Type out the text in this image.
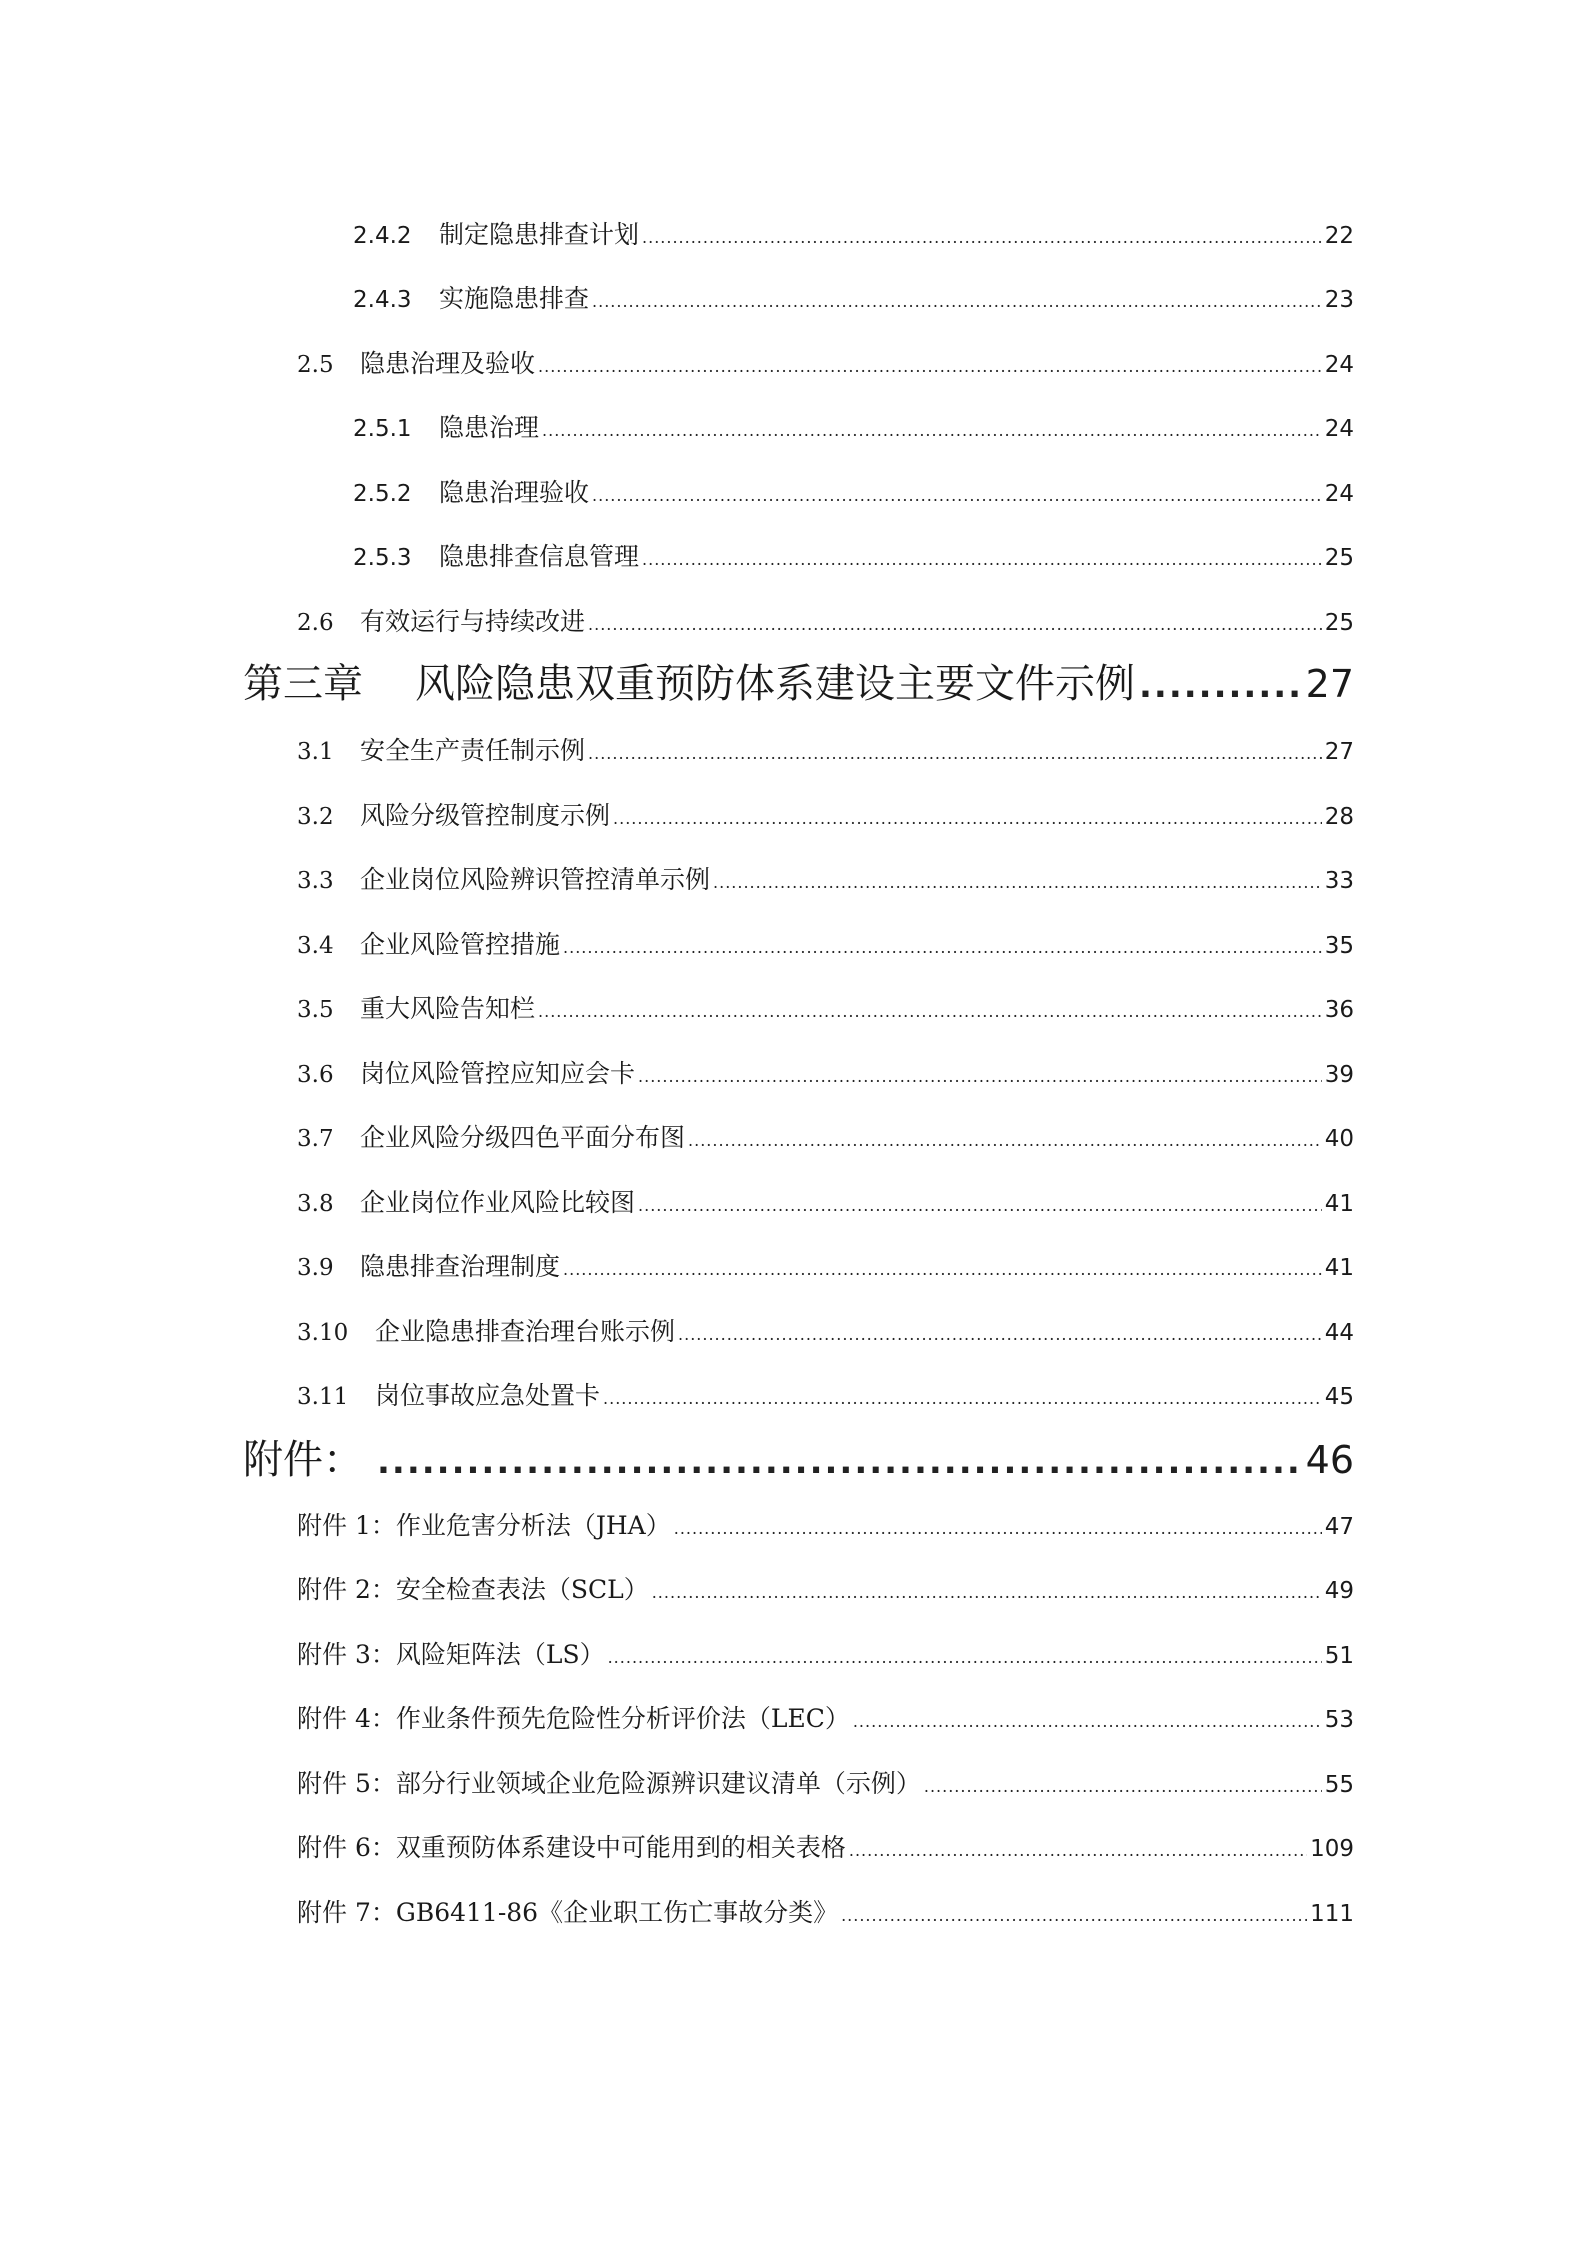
2.4.2	制定隐患排查计划 .....	22
2.4.3	实施隐患排查 .....	23
2.5	隐患治理及验收 .....	24
2.5.1	隐患治理 .....	24
2.5.2	隐患治理验收 .....	24
2.5.3	隐患排查信息管理 .....	25
2.6	有效运行与持续改进 .....	25
第三章	风险隐患双重预防体系建设主要文件示例 .....	27
3.1	安全生产责任制示例 .....	27
3.2	风险分级管控制度示例 .....	28
3.3	企业岗位风险辨识管控清单示例 .....	33
3.4	企业风险管控措施 .....	35
3.5	重大风险告知栏 .....	36
3.6	岗位风险管控应知应会卡 .....	39
3.7	企业风险分级四色平面分布图 .....	40
3.8	企业岗位作业风险比较图 .....	41
3.9	隐患排查治理制度 .....	41
3.10	企业隐患排查治理台账示例 .....	44
3.11	岗位事故应急处置卡 .....	45
附件： .....	46
附件 1：作业危害分析法（JHA） .....	47
附件 2：安全检查表法（SCL） .....	49
附件 3：风险矩阵法（LS） .....	51
附件 4：作业条件预先危险性分析评价法（LEC） .....	53
附件 5：部分行业领域企业危险源辨识建议清单（示例） .....	55
附件 6：双重预防体系建设中可能用到的相关表格 .....	109
附件 7：GB6411-86《企业职工伤亡事故分类》 .....	111
